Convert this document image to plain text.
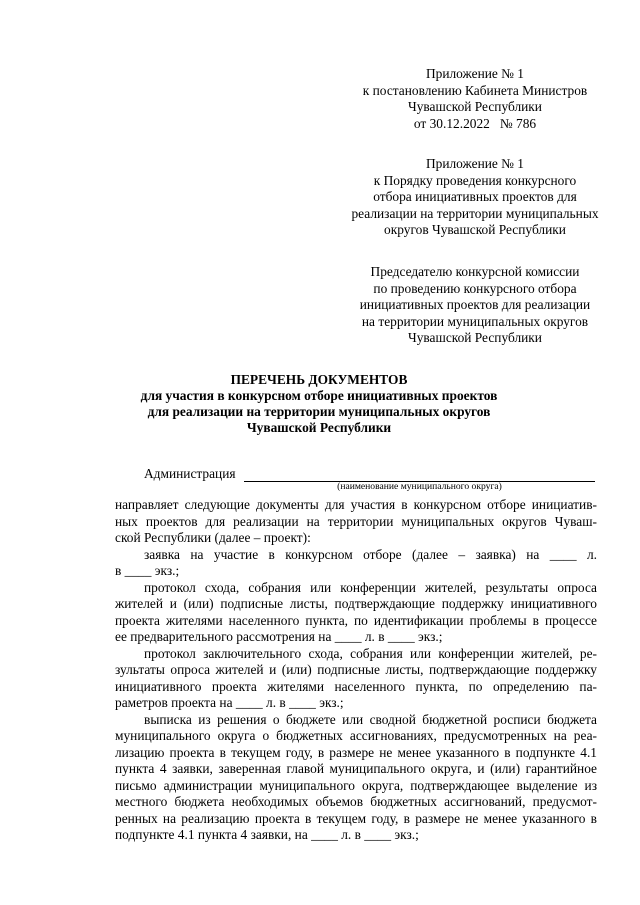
Приложение № 1
к постановлению Кабинета Министров
Чувашской Республики
от 30.12.2022   № 786
Приложение № 1
к Порядку проведения конкурсного
отбора инициативных проектов для
реализации на территории муниципальных
округов Чувашской Республики
Председателю конкурсной комиссии
по проведению конкурсного отбора
инициативных проектов для реализации
на территории муниципальных округов
Чувашской Республики
ПЕРЕЧЕНЬ ДОКУМЕНТОВ
для участия в конкурсном отборе инициативных проектов
для реализации на территории муниципальных округов
Чувашской Республики
Администрация
(наименование муниципального округа)
направляет следующие документы для участия в конкурсном отборе инициатив-
ных проектов для реализации на территории муниципальных округов Чуваш-
ской Республики (далее – проект):
заявка на участие в конкурсном отборе (далее – заявка) на ____ л.
в ____ экз.;
протокол схода, собрания или конференции жителей, результаты опроса
жителей и (или) подписные листы, подтверждающие поддержку инициативного
проекта жителями населенного пункта, по идентификации проблемы в процессе
ее предварительного рассмотрения на ____ л. в ____ экз.;
протокол заключительного схода, собрания или конференции жителей, ре-
зультаты опроса жителей и (или) подписные листы, подтверждающие поддержку
инициативного проекта жителями населенного пункта, по определению па-
раметров проекта на ____ л. в ____ экз.;
выписка из решения о бюджете или сводной бюджетной росписи бюджета
муниципального округа о бюджетных ассигнованиях, предусмотренных на реа-
лизацию проекта в текущем году, в размере не менее указанного в подпункте 4.1
пункта 4 заявки, заверенная главой муниципального округа, и (или) гарантийное
письмо администрации муниципального округа, подтверждающее выделение из
местного бюджета необходимых объемов бюджетных ассигнований, предусмот-
ренных на реализацию проекта в текущем году, в размере не менее указанного в
подпункте 4.1 пункта 4 заявки, на ____ л. в ____ экз.;
